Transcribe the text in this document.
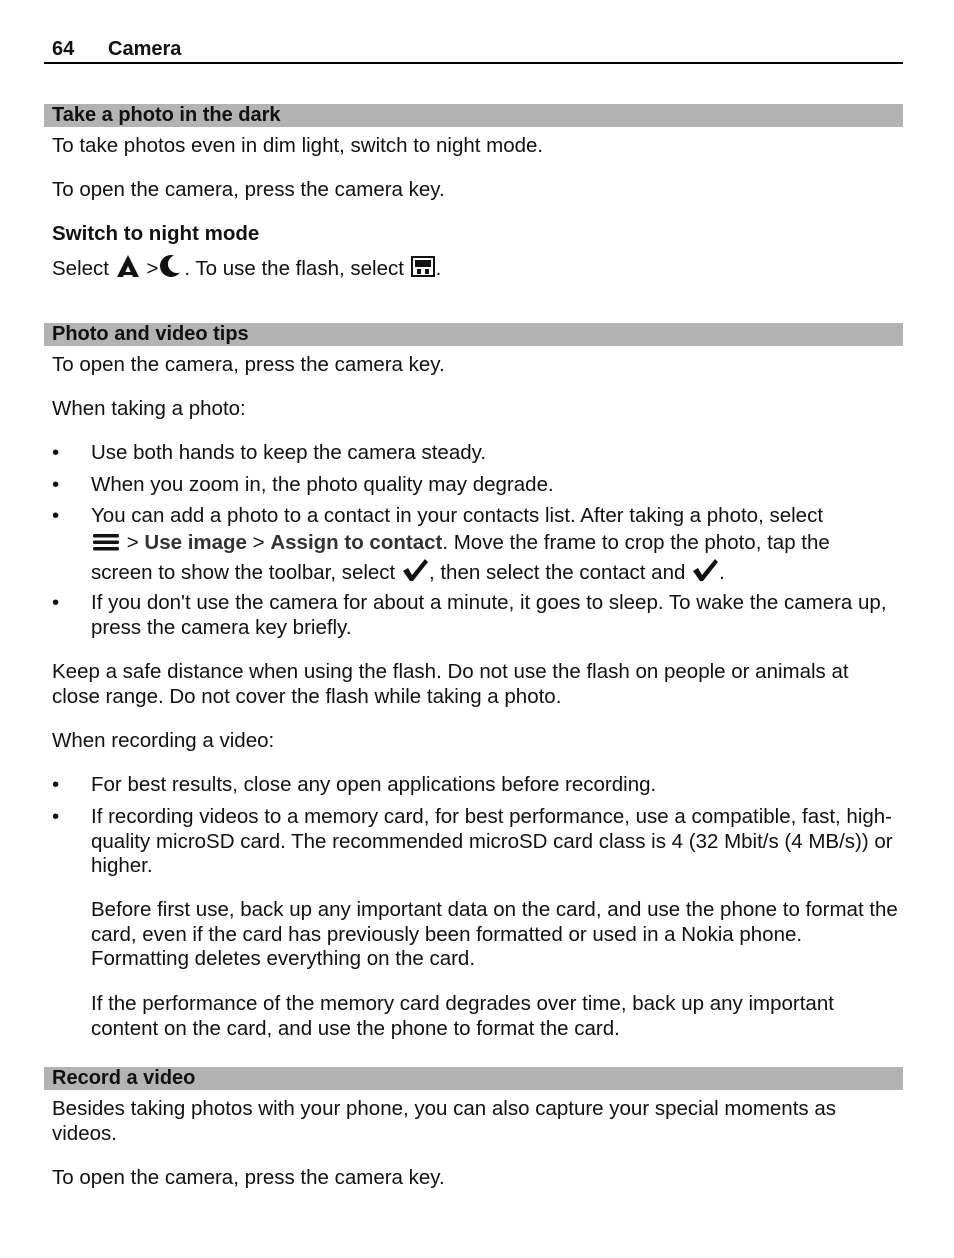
64 Camera
Take a photo in the dark
To take photos even in dim light, switch to night mode.
To open the camera, press the camera key.
Switch to night mode
Select > . To use the flash, select .
Photo and video tips
To open the camera, press the camera key.
When taking a photo:
• Use both hands to keep the camera steady.
• When you zoom in, the photo quality may degrade.
• You can add a photo to a contact in your contacts list. After taking a photo, select
> Use image > Assign to contact. Move the frame to crop the photo, tap the
screen to show the toolbar, select , then select the contact and .
• If you don't use the camera for about a minute, it goes to sleep. To wake the camera up, press the camera key briefly.
Keep a safe distance when using the flash. Do not use the flash on people or animals at close range. Do not cover the flash while taking a photo.
When recording a video:
• For best results, close any open applications before recording.
• If recording videos to a memory card, for best performance, use a compatible, fast, high-quality microSD card. The recommended microSD card class is 4 (32 Mbit/s (4 MB/s)) or higher.
Before first use, back up any important data on the card, and use the phone to format the card, even if the card has previously been formatted or used in a Nokia phone. Formatting deletes everything on the card.
If the performance of the memory card degrades over time, back up any important content on the card, and use the phone to format the card.
Record a video
Besides taking photos with your phone, you can also capture your special moments as videos.
To open the camera, press the camera key.
